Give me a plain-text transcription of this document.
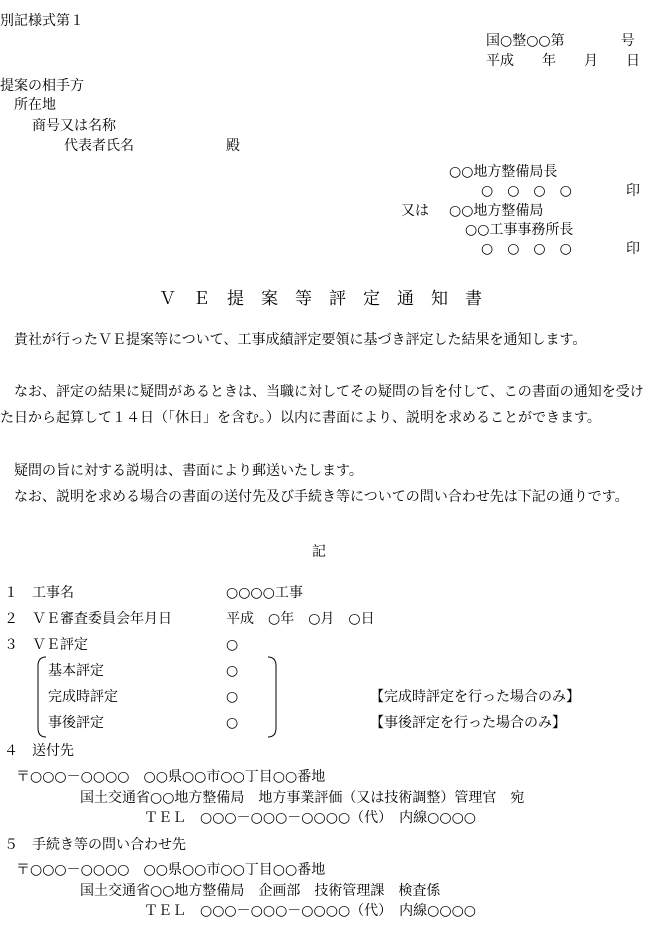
別記様式第１
国○整○○第　　　　号
平成　　年　　月　　日
提案の相手方
所在地
商号又は名称
代表者氏名	殿
○○地方整備局長
○　○　○　○	印
又は ○○地方整備局
○○工事事務所長
○　○　○　○	印
ＶＥ提案等評定通知書
　貴社が行ったＶＥ提案等について、工事成績評定要領に基づき評定した結果を通知します。
　なお、評定の結果に疑問があるときは、当職に対してその疑問の旨を付して、この書面の通知を受けた日から起算して１４日（「休日」を含む。）以内に書面により、説明を求めることができます。
　疑問の旨に対する説明は、書面により郵送いたします。
　なお、説明を求める場合の書面の送付先及び手続き等についての問い合わせ先は下記の通りです。
記
１ 工事名	○○○○工事
２ ＶＥ審査委員会年月日	平成　○年　○月　○日
３ ＶＥ評定	○
基本評定	○
完成時評定	○	【完成時評定を行った場合のみ】
事後評定	○	【事後評定を行った場合のみ】
４ 送付先
〒○○○－○○○○　○○県○○市○○丁目○○番地
国土交通省○○地方整備局　地方事業評価（又は技術調整）管理官　宛
ＴＥＬ　○○○－○○○－○○○○（代）　内線○○○○
５ 手続き等の問い合わせ先
〒○○○－○○○○　○○県○○市○○丁目○○番地
国土交通省○○地方整備局　企画部　技術管理課　検査係
ＴＥＬ　○○○－○○○－○○○○（代）　内線○○○○
